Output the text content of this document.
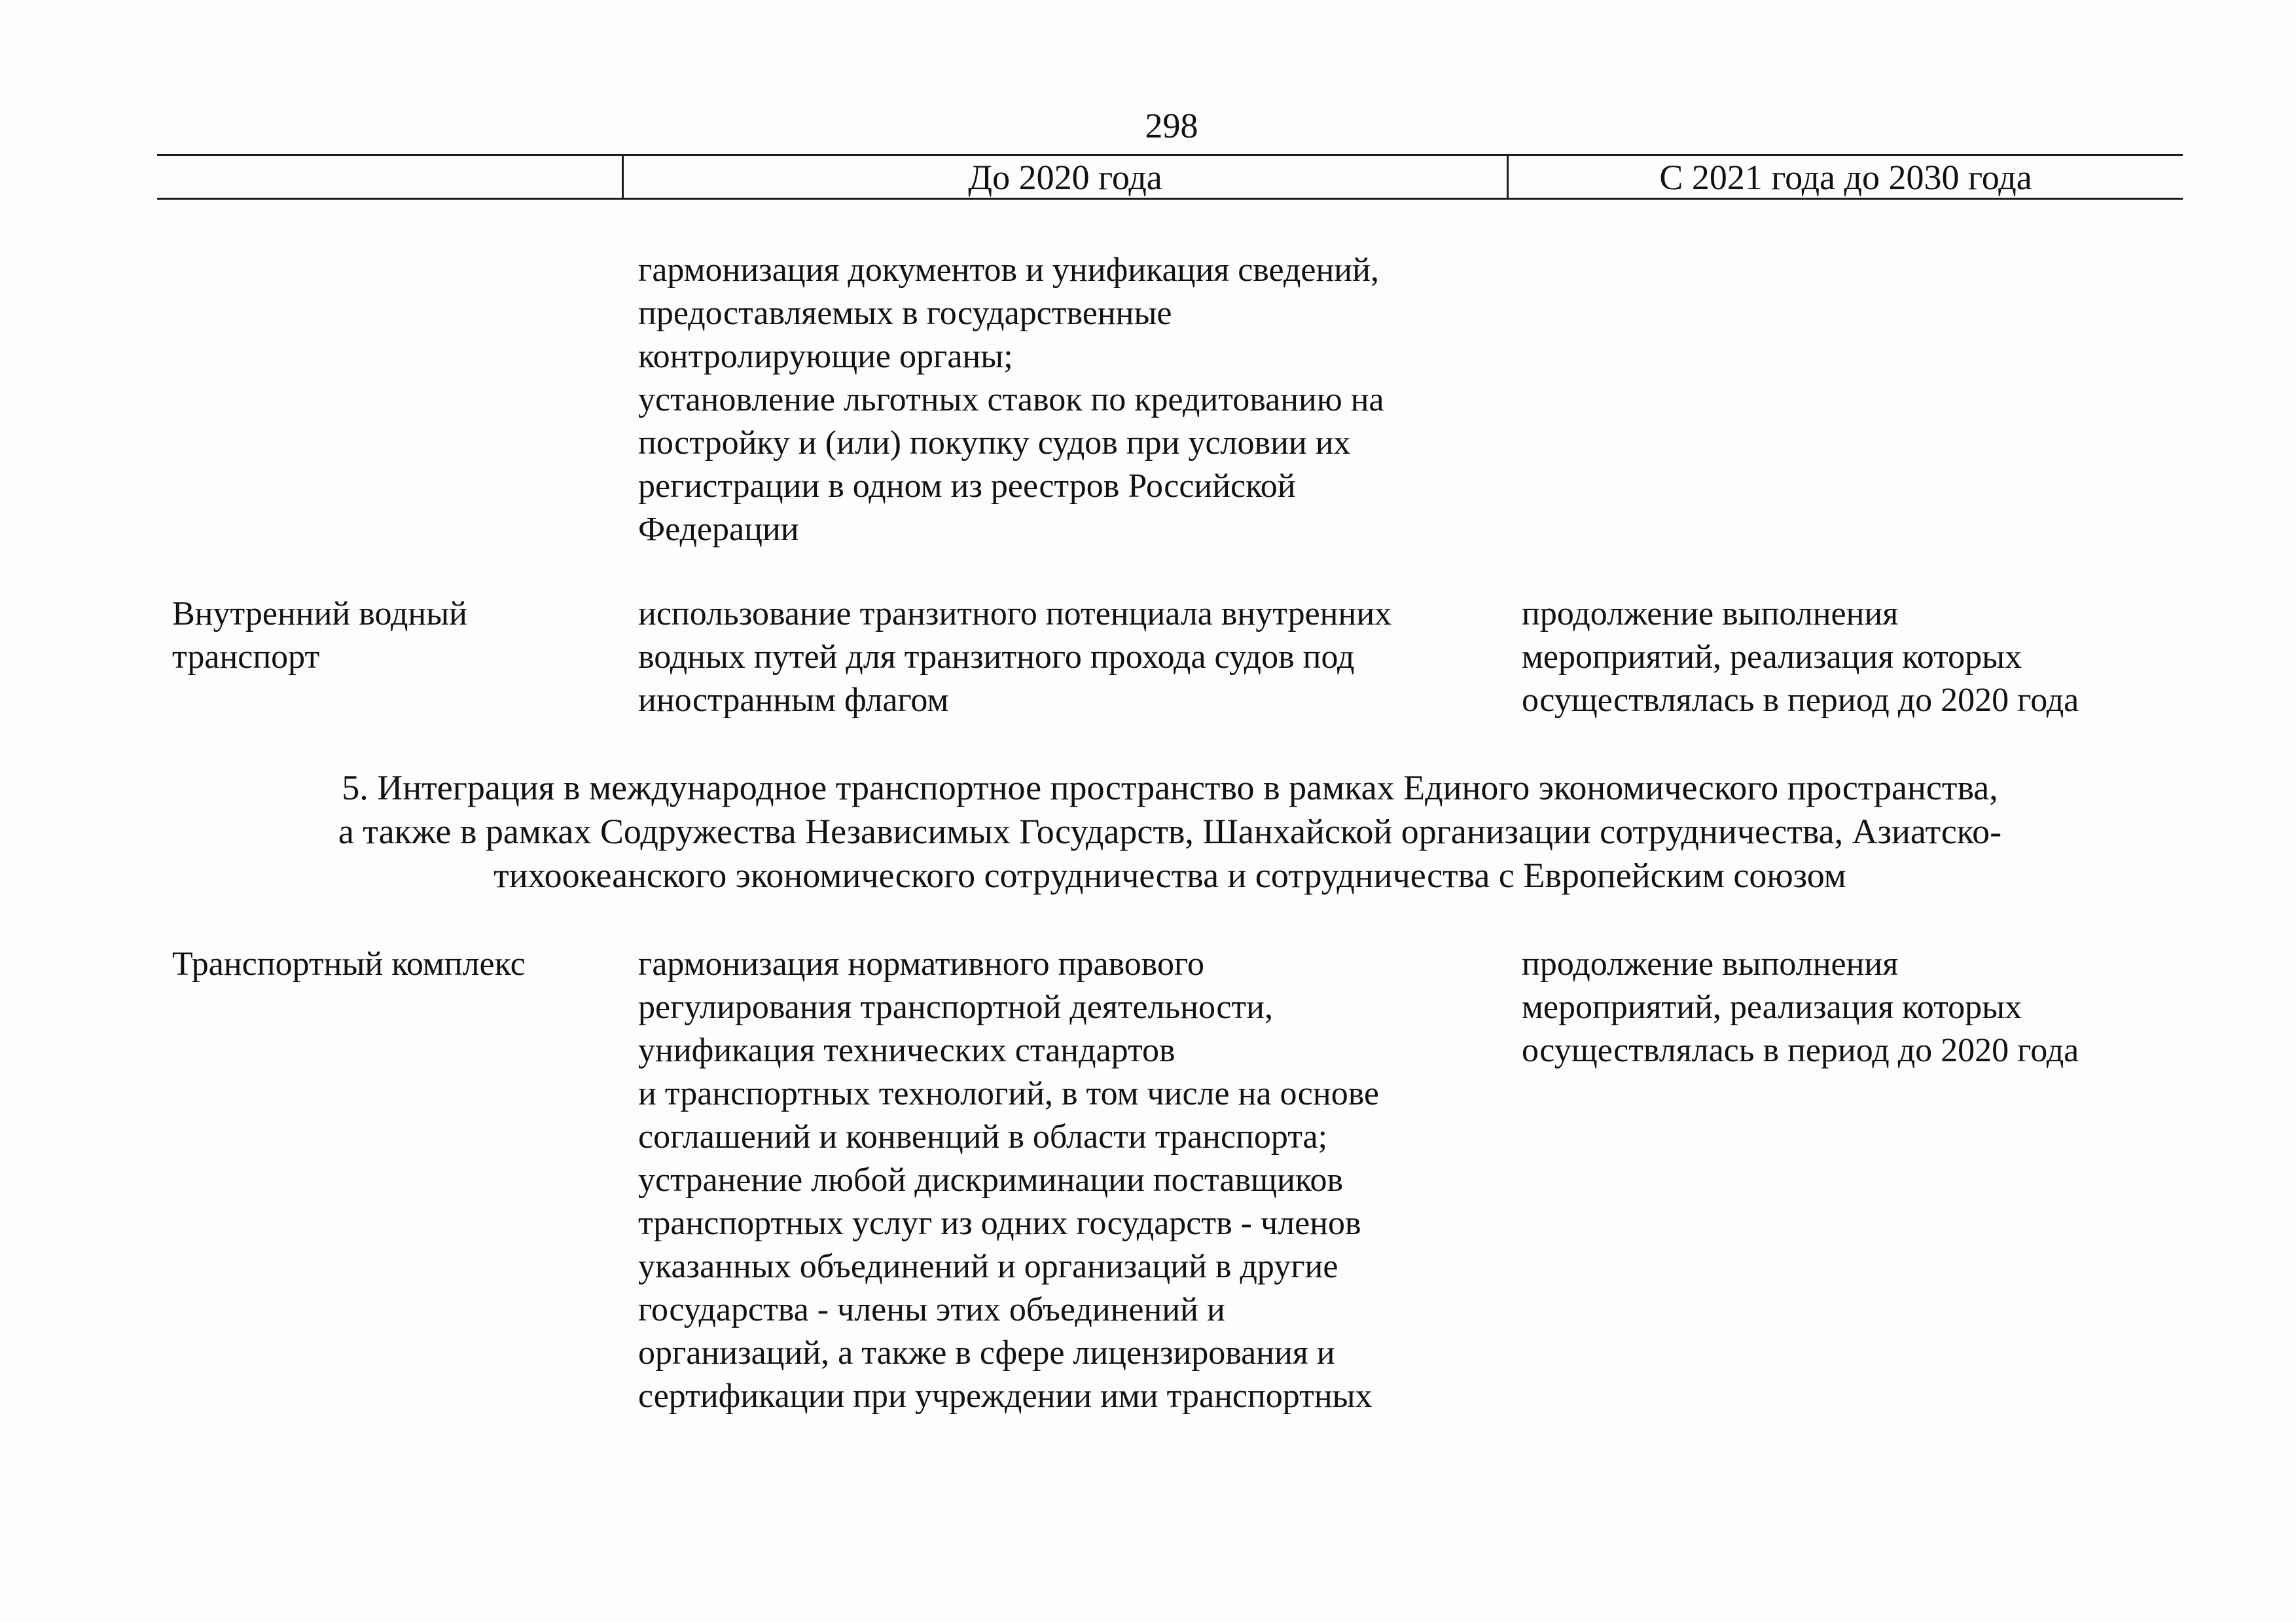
298
До 2020 года	С 2021 года до 2030 года
гармонизация документов и унификация сведений,
предоставляемых в государственные
контролирующие органы;
установление льготных ставок по кредитованию на
постройку и (или) покупку судов при условии их
регистрации в одном из реестров Российской
Федерации
Внутренний водный
транспорт
использование транзитного потенциала внутренних
водных путей для транзитного прохода судов под
иностранным флагом
продолжение выполнения
мероприятий, реализация которых
осуществлялась в период до 2020 года
5. Интеграция в международное транспортное пространство в рамках Единого экономического пространства,
а также в рамках Содружества Независимых Государств, Шанхайской организации сотрудничества, Азиатско-
тихоокеанского экономического сотрудничества и сотрудничества с Европейским союзом
Транспортный комплекс	гармонизация нормативного правового
регулирования транспортной деятельности,
унификация технических стандартов
и транспортных технологий, в том числе на основе
соглашений и конвенций в области транспорта;
устранение любой дискриминации поставщиков
транспортных услуг из одних государств - членов
указанных объединений и организаций в другие
государства - члены этих объединений и
организаций, а также в сфере лицензирования и
сертификации при учреждении ими транспортных
продолжение выполнения
мероприятий, реализация которых
осуществлялась в период до 2020 года
